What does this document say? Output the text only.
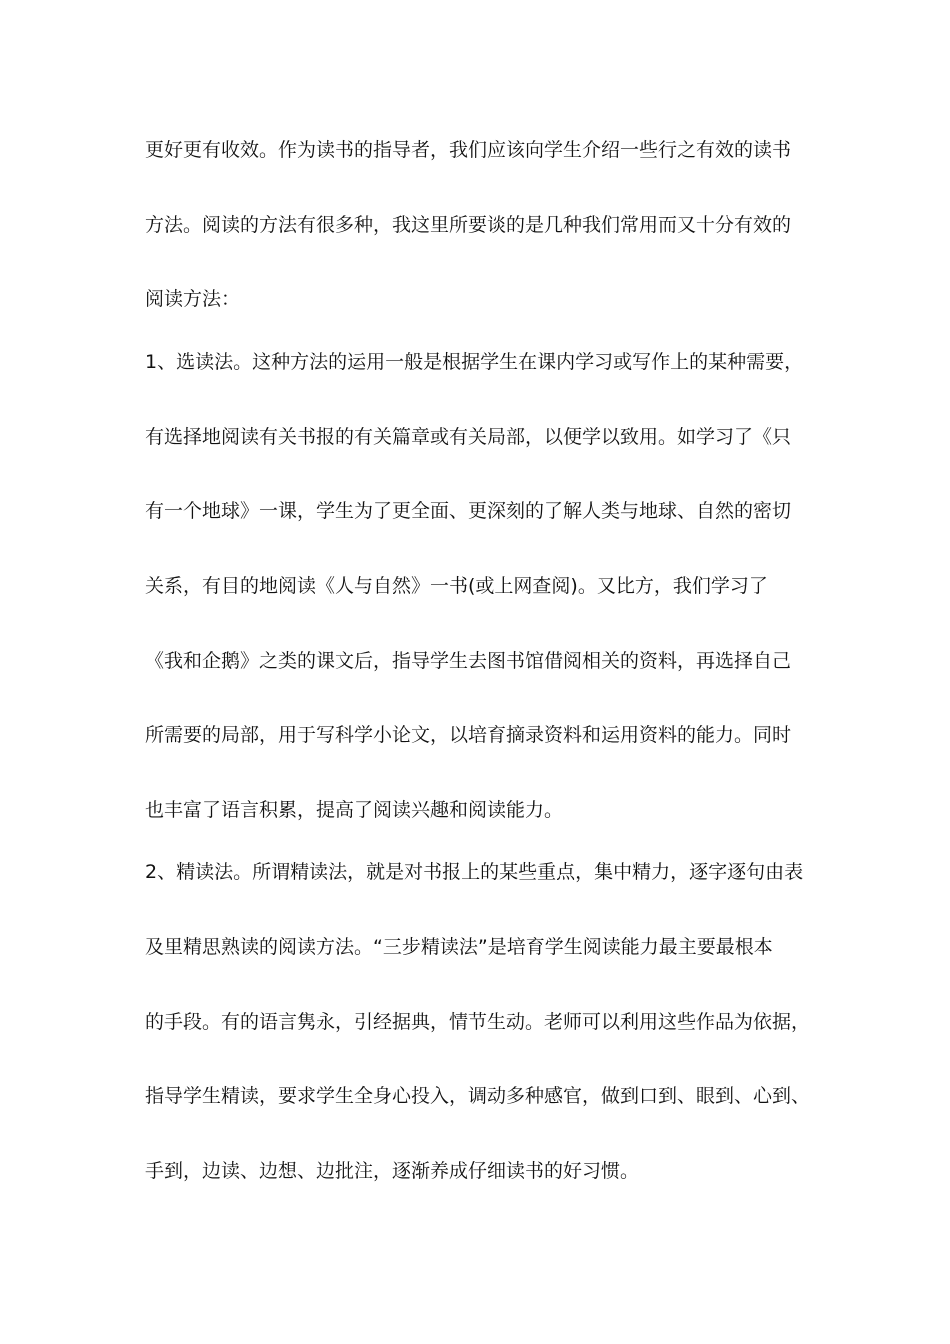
更好更有收效。作为读书的指导者，我们应该向学生介绍一些行之有效的读书
方法。阅读的方法有很多种，我这里所要谈的是几种我们常用而又十分有效的
阅读方法：
1、选读法。这种方法的运用一般是根据学生在课内学习或写作上的某种需要，
有选择地阅读有关书报的有关篇章或有关局部，以便学以致用。如学习了《只
有一个地球》一课，学生为了更全面、更深刻的了解人类与地球、自然的密切
关系，有目的地阅读《人与自然》一书(或上网查阅)。又比方，我们学习了
《我和企鹅》之类的课文后，指导学生去图书馆借阅相关的资料，再选择自己
所需要的局部，用于写科学小论文，以培育摘录资料和运用资料的能力。同时
也丰富了语言积累，提高了阅读兴趣和阅读能力。
2、精读法。所谓精读法，就是对书报上的某些重点，集中精力，逐字逐句由表
及里精思熟读的阅读方法。“三步精读法”是培育学生阅读能力最主要最根本
的手段。有的语言隽永，引经据典，情节生动。老师可以利用这些作品为依据，
指导学生精读，要求学生全身心投入，调动多种感官，做到口到、眼到、心到、
手到，边读、边想、边批注，逐渐养成仔细读书的好习惯。
